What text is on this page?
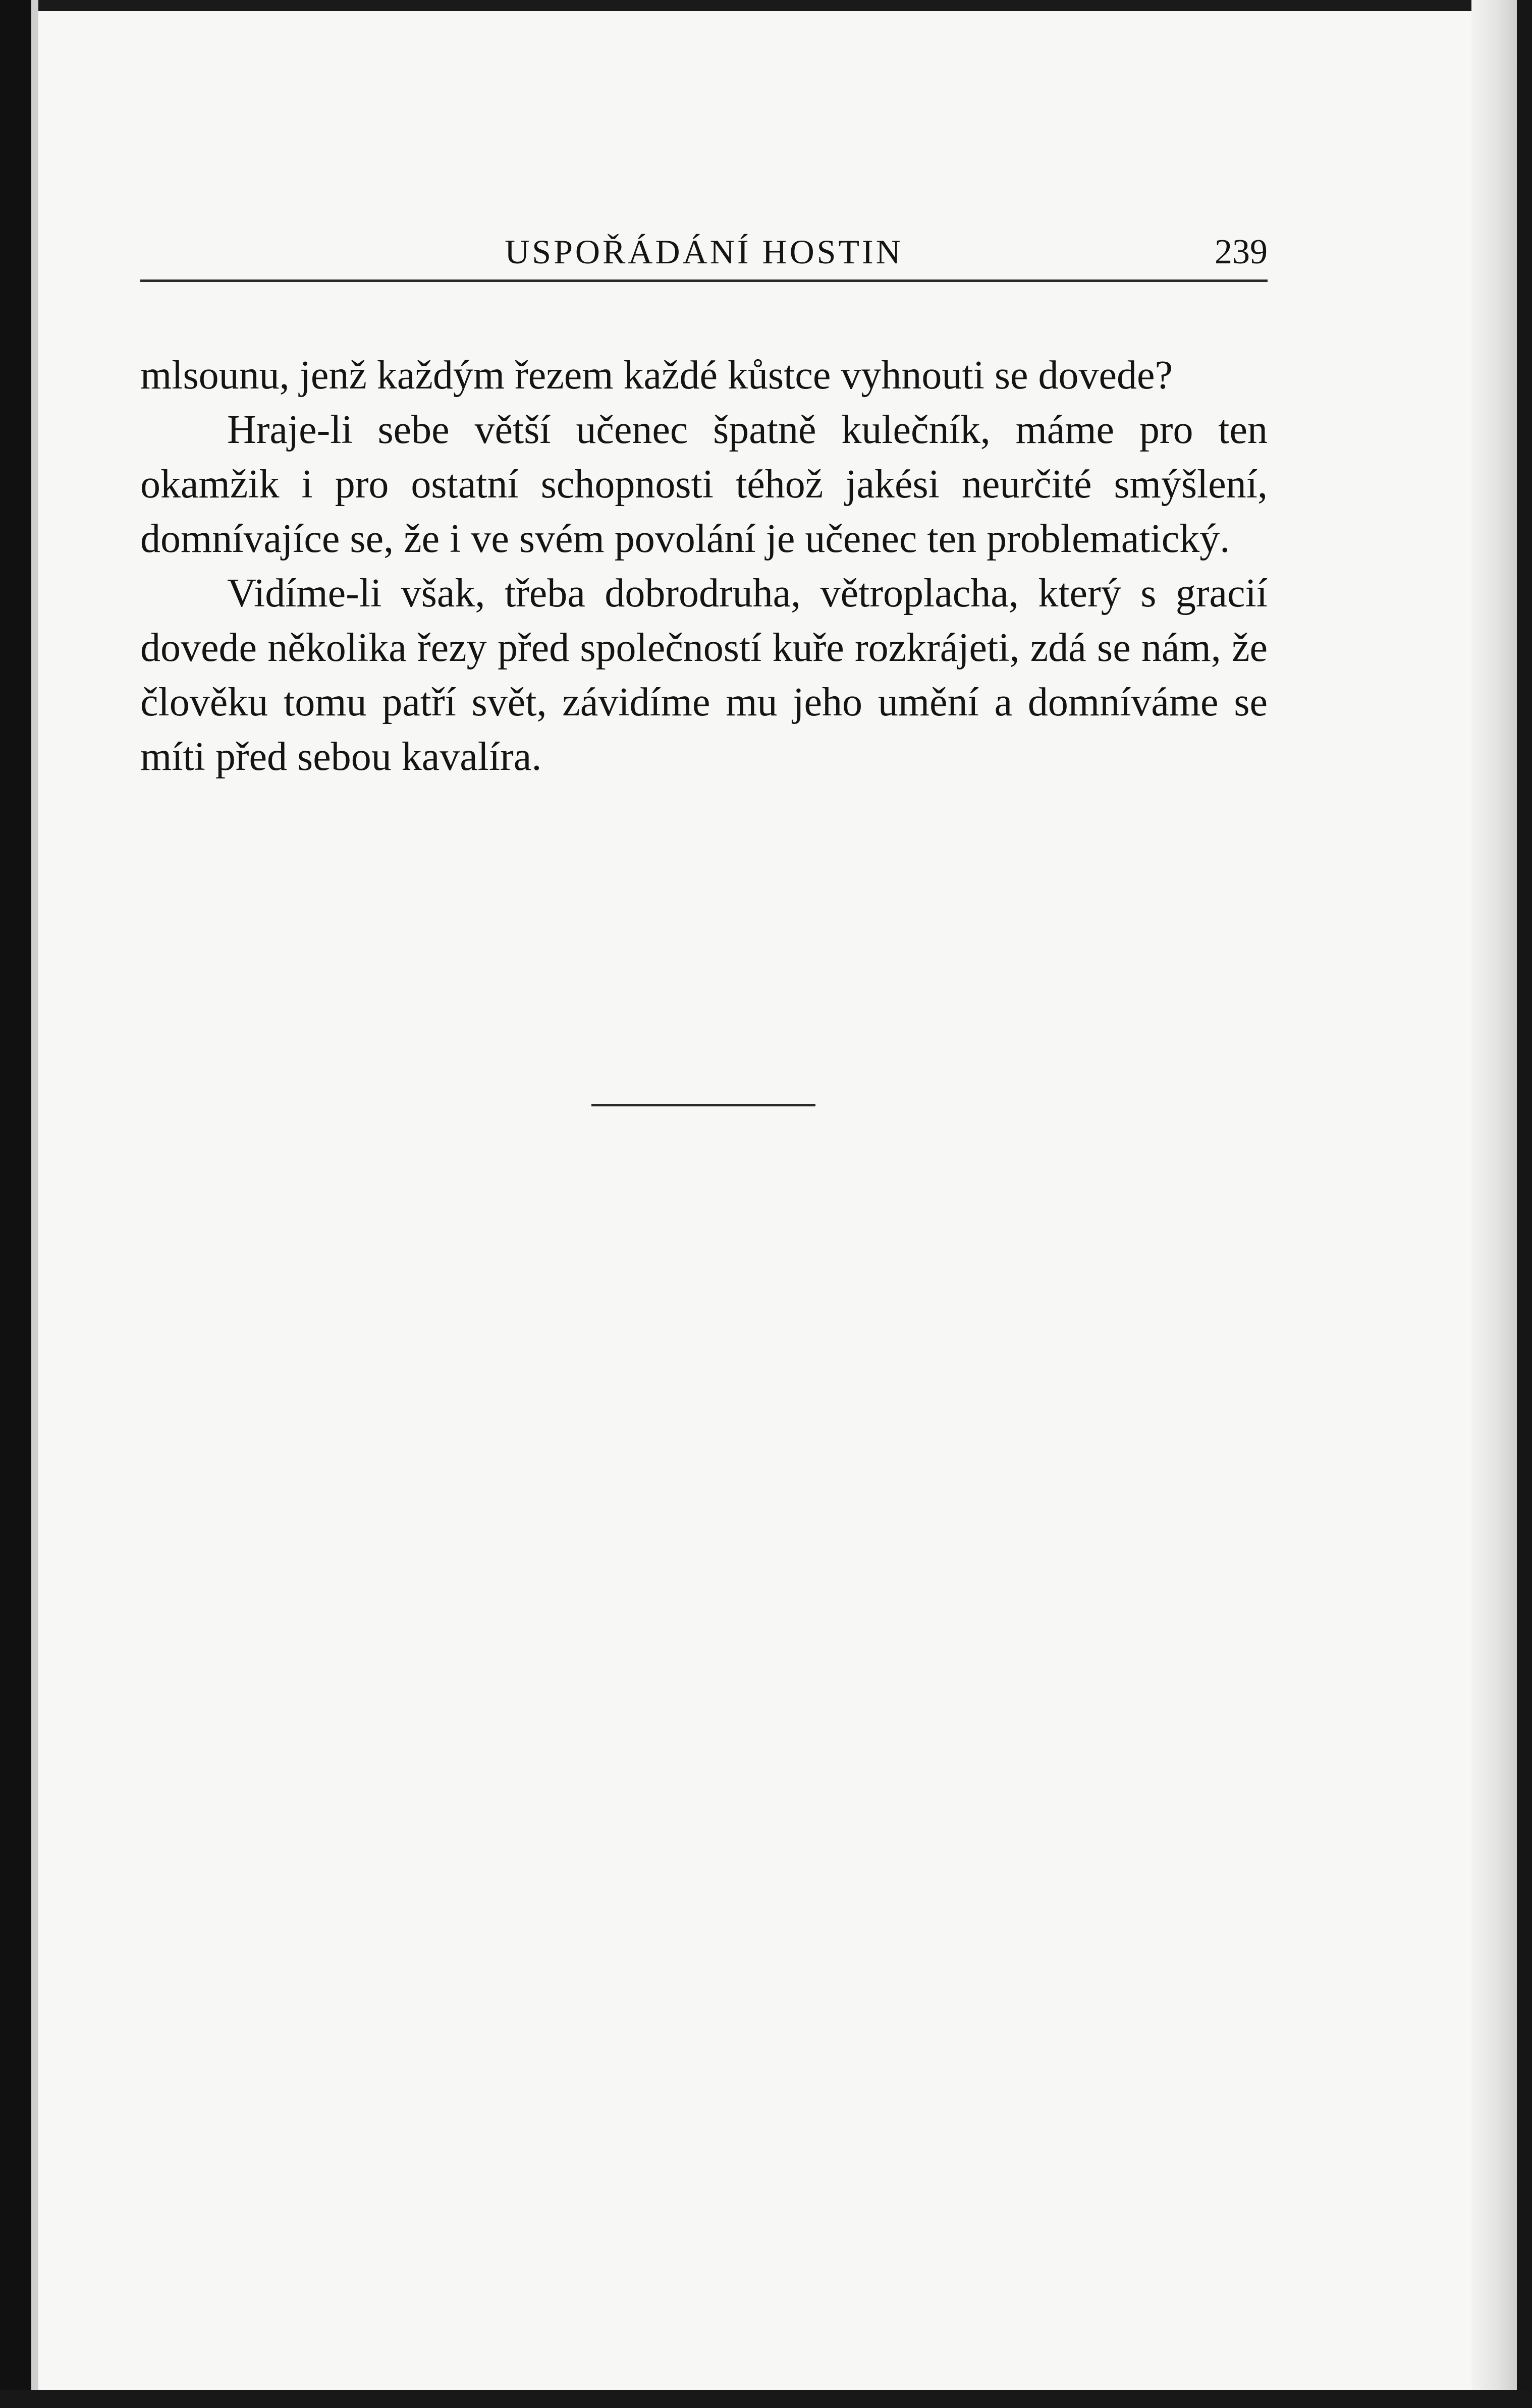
USPOŘÁDÁNÍ HOSTIN	239

mlsounu, jenž každým řezem každé kůstce vyhnouti se dovede?

Hraje-li sebe větší učenec špatně kulečník, máme pro ten okamžik i pro ostatní schopnosti téhož jakési neurčité smýšlení, domnívajíce se, že i ve svém povolání je učenec ten problematický.

Vidíme-li však, třeba dobrodruha, větroplacha, který s gracií dovede několika řezy před společností kuře rozkrájeti, zdá se nám, že člověku tomu patří svět, závidíme mu jeho umění a domníváme se míti před sebou kavalíra.
